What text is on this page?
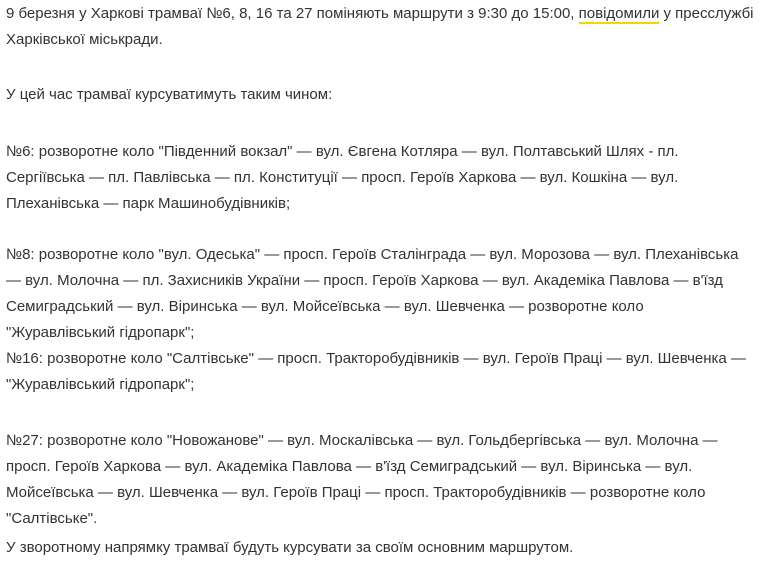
9 березня у Харкові трамваї №6, 8, 16 та 27 поміняють маршрути з 9:30 до 15:00, повідомили у пресслужбі Харківської міськради.

У цей час трамваї курсуватимуть таким чином:

№6: розворотне коло "Південний вокзал" — вул. Євгена Котляра — вул. Полтавський Шлях - пл. Сергіївська — пл. Павлівська — пл. Конституції — просп. Героїв Харкова — вул. Кошкіна — вул. Плеханівська — парк Машинобудівників;

№8: розворотне коло "вул. Одеська" — просп. Героїв Сталінграда — вул. Морозова — вул. Плеханівська — вул. Молочна — пл. Захисників України — просп. Героїв Харкова — вул. Академіка Павлова — в'їзд Семиградський — вул. Віринська — вул. Мойсеївська — вул. Шевченка — розворотне коло "Журавлівський гідропарк";

№16: розворотне коло "Салтівське" — просп. Тракторобудівників — вул. Героїв Праці — вул. Шевченка — "Журавлівський гідропарк";

№27: розворотне коло "Новожанове" — вул. Москалівська — вул. Гольдбергівська — вул. Молочна — просп. Героїв Харкова — вул. Академіка Павлова — в'їзд Семиградський — вул. Віринська — вул. Мойсеївська — вул. Шевченка — вул. Героїв Праці — просп. Тракторобудівників — розворотне коло "Салтівське".

У зворотному напрямку трамваї будуть курсувати за своїм основним маршрутом.
